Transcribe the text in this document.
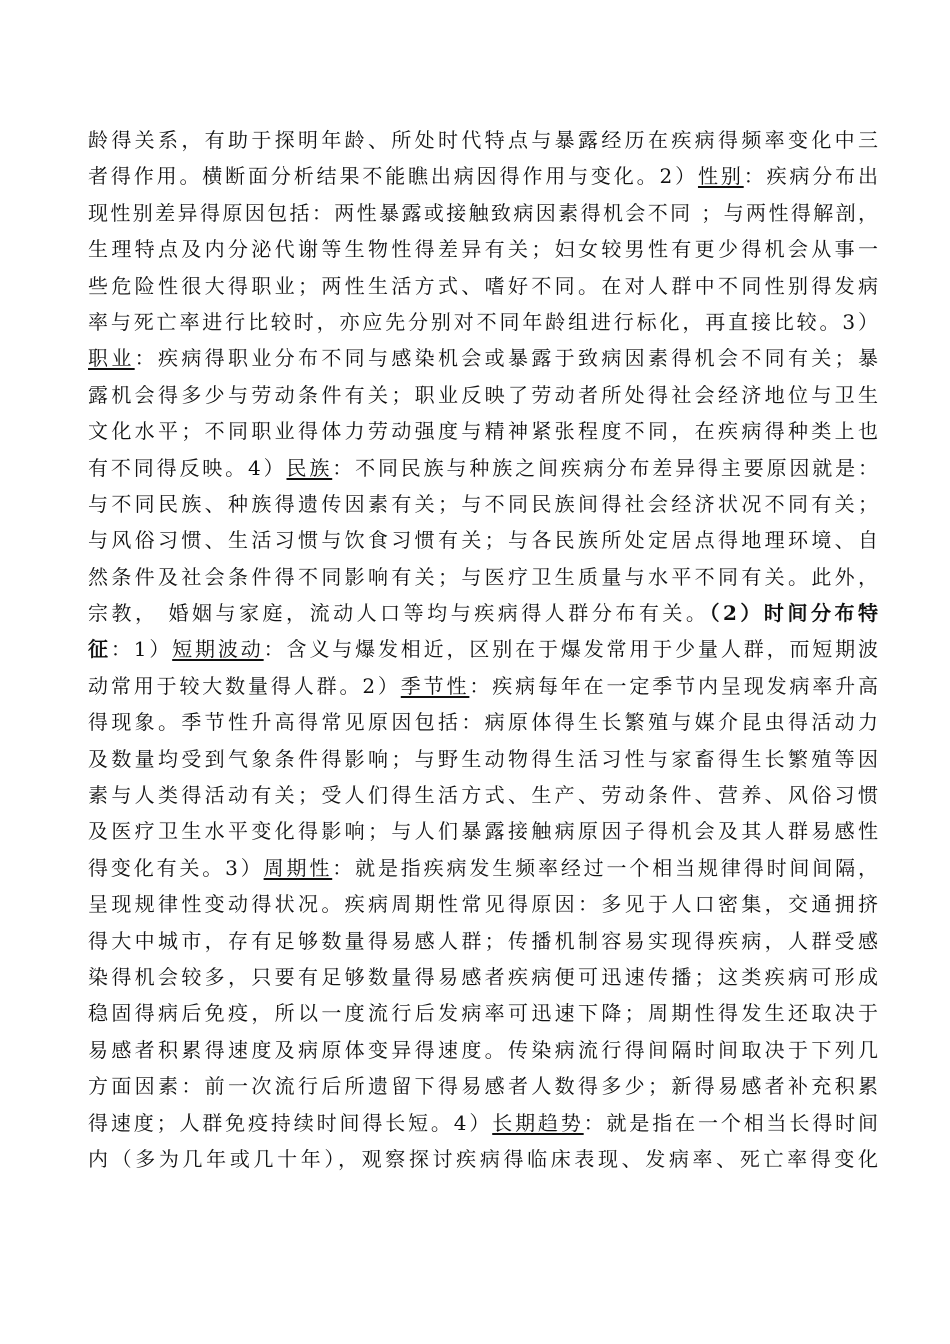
龄得关系，有助于探明年龄、所处时代特点与暴露经历在疾病得频率变化中三
者得作用。横断面分析结果不能瞧出病因得作用与变化。2）性别：疾病分布出
现性别差异得原因包括：两性暴露或接触致病因素得机会不同 ；与两性得解剖，
生理特点及内分泌代谢等生物性得差异有关；妇女较男性有更少得机会从事一
些危险性很大得职业；两性生活方式、嗜好不同。在对人群中不同性别得发病
率与死亡率进行比较时，亦应先分别对不同年龄组进行标化，再直接比较。3）
职业：疾病得职业分布不同与感染机会或暴露于致病因素得机会不同有关；暴
露机会得多少与劳动条件有关；职业反映了劳动者所处得社会经济地位与卫生
文化水平；不同职业得体力劳动强度与精神紧张程度不同，在疾病得种类上也
有不同得反映。4）民族：不同民族与种族之间疾病分布差异得主要原因就是：
与不同民族、种族得遗传因素有关；与不同民族间得社会经济状况不同有关；
与风俗习惯、生活习惯与饮食习惯有关；与各民族所处定居点得地理环境、自
然条件及社会条件得不同影响有关；与医疗卫生质量与水平不同有关。此外，
宗教， 婚姻与家庭，流动人口等均与疾病得人群分布有关。（2）时间分布特
征：1）短期波动：含义与爆发相近，区别在于爆发常用于少量人群，而短期波
动常用于较大数量得人群。2）季节性：疾病每年在一定季节内呈现发病率升高
得现象。季节性升高得常见原因包括：病原体得生长繁殖与媒介昆虫得活动力
及数量均受到气象条件得影响；与野生动物得生活习性与家畜得生长繁殖等因
素与人类得活动有关；受人们得生活方式、生产、劳动条件、营养、风俗习惯
及医疗卫生水平变化得影响；与人们暴露接触病原因子得机会及其人群易感性
得变化有关。3）周期性：就是指疾病发生频率经过一个相当规律得时间间隔，
呈现规律性变动得状况。疾病周期性常见得原因：多见于人口密集，交通拥挤
得大中城市，存有足够数量得易感人群；传播机制容易实现得疾病，人群受感
染得机会较多，只要有足够数量得易感者疾病便可迅速传播；这类疾病可形成
稳固得病后免疫，所以一度流行后发病率可迅速下降；周期性得发生还取决于
易感者积累得速度及病原体变异得速度。传染病流行得间隔时间取决于下列几
方面因素：前一次流行后所遗留下得易感者人数得多少；新得易感者补充积累
得速度；人群免疫持续时间得长短。4）长期趋势：就是指在一个相当长得时间
内（多为几年或几十年），观察探讨疾病得临床表现、发病率、死亡率得变化
